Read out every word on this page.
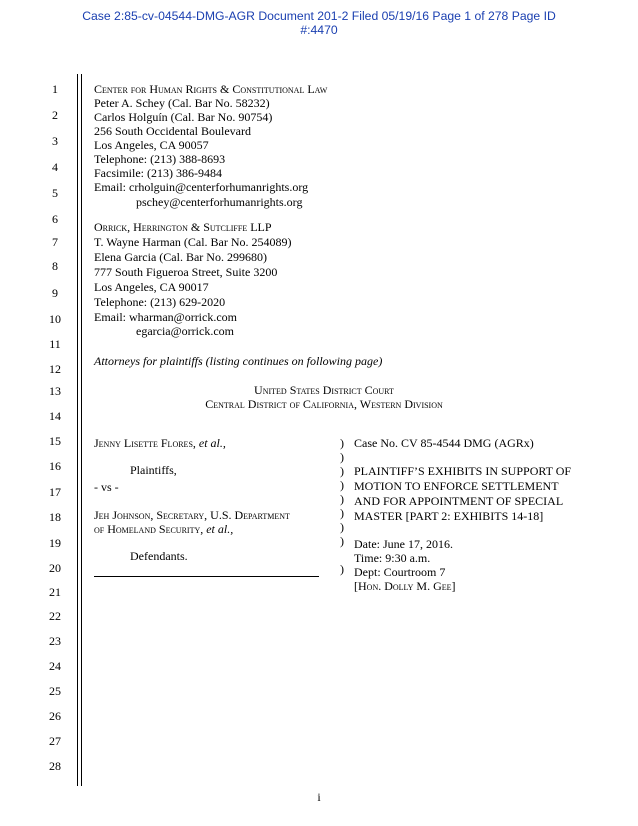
Case 2:85-cv-04544-DMG-AGR Document 201-2 Filed 05/19/16 Page 1 of 278 Page ID
#:4470
1
2
3
4
5
6
7
8
9
10
11
12
13
14
15
16
17
18
19
20
21
22
23
24
25
26
27
28
Center for Human Rights & Constitutional Law
Peter A. Schey (Cal. Bar No. 58232)
Carlos Holguín (Cal. Bar No. 90754)
256 South Occidental Boulevard
Los Angeles, CA 90057
Telephone: (213) 388-8693
Facsimile: (213) 386-9484
Email: crholguin@centerforhumanrights.org
pschey@centerforhumanrights.org
Orrick, Herrington & Sutcliffe LLP
T. Wayne Harman (Cal. Bar No. 254089)
Elena Garcia (Cal. Bar No. 299680)
777 South Figueroa Street, Suite 3200
Los Angeles, CA 90017
Telephone: (213) 629-2020
Email: wharman@orrick.com
egarcia@orrick.com
Attorneys for plaintiffs (listing continues on following page)
United States District Court
Central District of California, Western Division
Jenny Lisette Flores, et al.,
Plaintiffs,
- vs -
Jeh Johnson, Secretary, U.S. Department
of Homeland Security, et al.,
Defendants.
)
)
)
)
)
)
)
)
)
Case No. CV 85-4544 DMG (AGRx)
PLAINTIFF’S EXHIBITS IN SUPPORT OF
MOTION TO ENFORCE SETTLEMENT
AND FOR APPOINTMENT OF SPECIAL
MASTER [PART 2: EXHIBITS 14-18]
Date: June 17, 2016.
Time: 9:30 a.m.
Dept: Courtroom 7
[Hon. Dolly M. Gee]
i
